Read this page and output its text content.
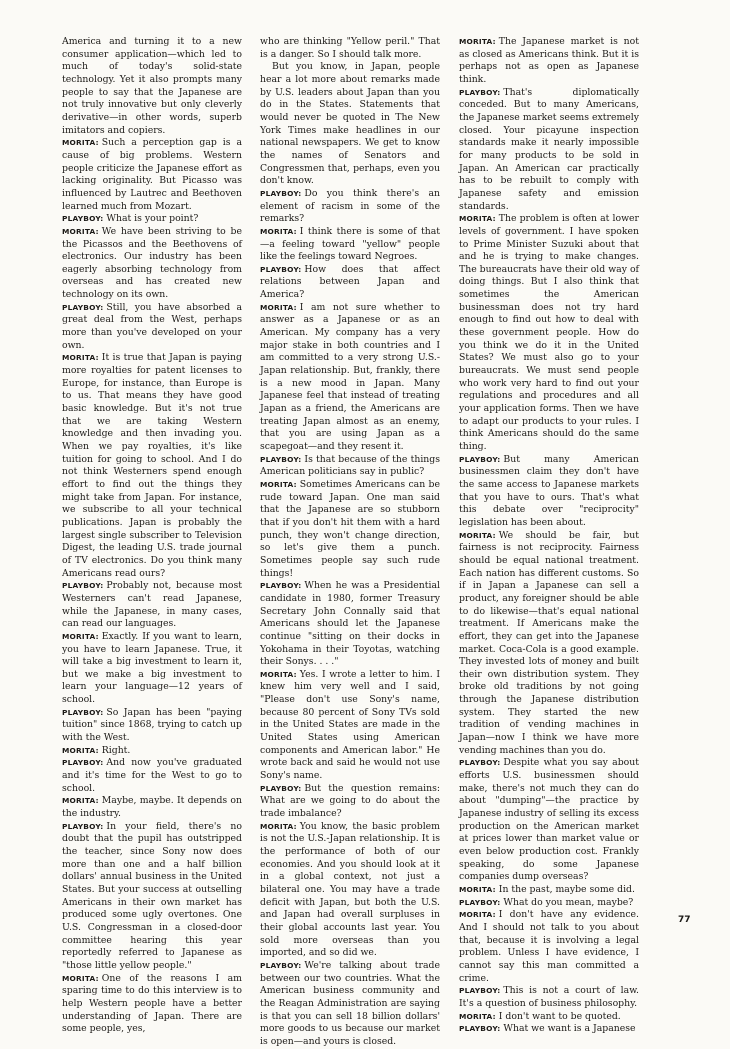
America and turning it to a new consumer application—which led to much of today's solid-state technology. Yet it also prompts many people to say that the Japanese are not truly innovative but only cleverly derivative—in other words, superb imitators and copiers.

MORITA: Such a perception gap is a cause of big problems. Western people criticize the Japanese effort as lacking originality. But Picasso was influenced by Lautrec and Beethoven learned much from Mozart.

PLAYBOY: What is your point?

MORITA: We have been striving to be the Picassos and the Beethovens of electronics. Our industry has been eagerly absorbing technology from overseas and has created new technology on its own.

PLAYBOY: Still, you have absorbed a great deal from the West, perhaps more than you've developed on your own.

MORITA: It is true that Japan is paying more royalties for patent licenses to Europe, for instance, than Europe is to us. That means they have good basic knowledge. But it's not true that we are taking Western knowledge and then invading you. When we pay royalties, it's like tuition for going to school. And I do not think Westerners spend enough effort to find out the things they might take from Japan. For instance, we subscribe to all your technical publications. Japan is probably the largest single subscriber to Television Digest, the leading U.S. trade journal of TV electronics. Do you think many Americans read ours?

PLAYBOY: Probably not, because most Westerners can't read Japanese, while the Japanese, in many cases, can read our languages.

MORITA: Exactly. If you want to learn, you have to learn Japanese. True, it will take a big investment to learn it, but we make a big investment to learn your language—12 years of school.

PLAYBOY: So Japan has been "paying tuition" since 1868, trying to catch up with the West.

MORITA: Right.

PLAYBOY: And now you've graduated and it's time for the West to go to school.

MORITA: Maybe, maybe. It depends on the industry.

PLAYBOY: In your field, there's no doubt that the pupil has outstripped the teacher, since Sony now does more than one and a half billion dollars' annual business in the United States. But your success at outselling Americans in their own market has produced some ugly overtones. One U.S. Congressman in a closed-door committee hearing this year reportedly referred to Japanese as "those little yellow people."

MORITA: One of the reasons I am sparing time to do this interview is to help Western people have a better understanding of Japan. There are some people, yes,

who are thinking "Yellow peril." That is a danger. So I should talk more.

But you know, in Japan, people hear a lot more about remarks made by U.S. leaders about Japan than you do in the States. Statements that would never be quoted in The New York Times make headlines in our national newspapers. We get to know the names of Senators and Congressmen that, perhaps, even you don't know.

PLAYBOY: Do you think there's an element of racism in some of the remarks?

MORITA: I think there is some of that—a feeling toward "yellow" people like the feelings toward Negroes.

PLAYBOY: How does that affect relations between Japan and America?

MORITA: I am not sure whether to answer as a Japanese or as an American. My company has a very major stake in both countries and I am committed to a very strong U.S.-Japan relationship. But, frankly, there is a new mood in Japan. Many Japanese feel that instead of treating Japan as a friend, the Americans are treating Japan almost as an enemy, that you are using Japan as a scapegoat—and they resent it.

PLAYBOY: Is that because of the things American politicians say in public?

MORITA: Sometimes Americans can be rude toward Japan. One man said that the Japanese are so stubborn that if you don't hit them with a hard punch, they won't change direction, so let's give them a punch. Sometimes people say such rude things!

PLAYBOY: When he was a Presidential candidate in 1980, former Treasury Secretary John Connally said that Americans should let the Japanese continue "sitting on their docks in Yokohama in their Toyotas, watching their Sonys. . . ."

MORITA: Yes. I wrote a letter to him. I knew him very well and I said, "Please don't use Sony's name, because 80 percent of Sony TVs sold in the United States are made in the United States using American components and American labor." He wrote back and said he would not use Sony's name.

PLAYBOY: But the question remains: What are we going to do about the trade imbalance?

MORITA: You know, the basic problem is not the U.S.-Japan relationship. It is the performance of both of our economies. And you should look at it in a global context, not just a bilateral one. You may have a trade deficit with Japan, but both the U.S. and Japan had overall surpluses in their global accounts last year. You sold more overseas than you imported, and so did we.

PLAYBOY: We're talking about trade between our two countries. What the American business community and the Reagan Administration are saying is that you can sell 18 billion dollars' more goods to us because our market is open—and yours is closed.

MORITA: The Japanese market is not as closed as Americans think. But it is perhaps not as open as Japanese think.

PLAYBOY: That's diplomatically conceded. But to many Americans, the Japanese market seems extremely closed. Your picayune inspection standards make it nearly impossible for many products to be sold in Japan. An American car practically has to be rebuilt to comply with Japanese safety and emission standards.

MORITA: The problem is often at lower levels of government. I have spoken to Prime Minister Suzuki about that and he is trying to make changes. The bureaucrats have their old way of doing things. But I also think that sometimes the American businessman does not try hard enough to find out how to deal with these government people. How do you think we do it in the United States? We must also go to your bureaucrats. We must send people who work very hard to find out your regulations and procedures and all your application forms. Then we have to adapt our products to your rules. I think Americans should do the same thing.

PLAYBOY: But many American businessmen claim they don't have the same access to Japanese markets that you have to ours. That's what this debate over "reciprocity" legislation has been about.

MORITA: We should be fair, but fairness is not reciprocity. Fairness should be equal national treatment. Each nation has different customs. So if in Japan a Japanese can sell a product, any foreigner should be able to do likewise—that's equal national treatment. If Americans make the effort, they can get into the Japanese market. Coca-Cola is a good example. They invested lots of money and built their own distribution system. They broke old traditions by not going through the Japanese distribution system. They started the new tradition of vending machines in Japan—now I think we have more vending machines than you do.

PLAYBOY: Despite what you say about efforts U.S. businessmen should make, there's not much they can do about "dumping"—the practice by Japanese industry of selling its excess production on the American market at prices lower than market value or even below production cost. Frankly speaking, do some Japanese companies dump overseas?

MORITA: In the past, maybe some did.

PLAYBOY: What do you mean, maybe?

MORITA: I don't have any evidence. And I should not talk to you about that, because it is involving a legal problem. Unless I have evidence, I cannot say this man committed a crime.

PLAYBOY: This is not a court of law. It's a question of business philosophy.

MORITA: I don't want to be quoted.

PLAYBOY: What we want is a Japanese

77
